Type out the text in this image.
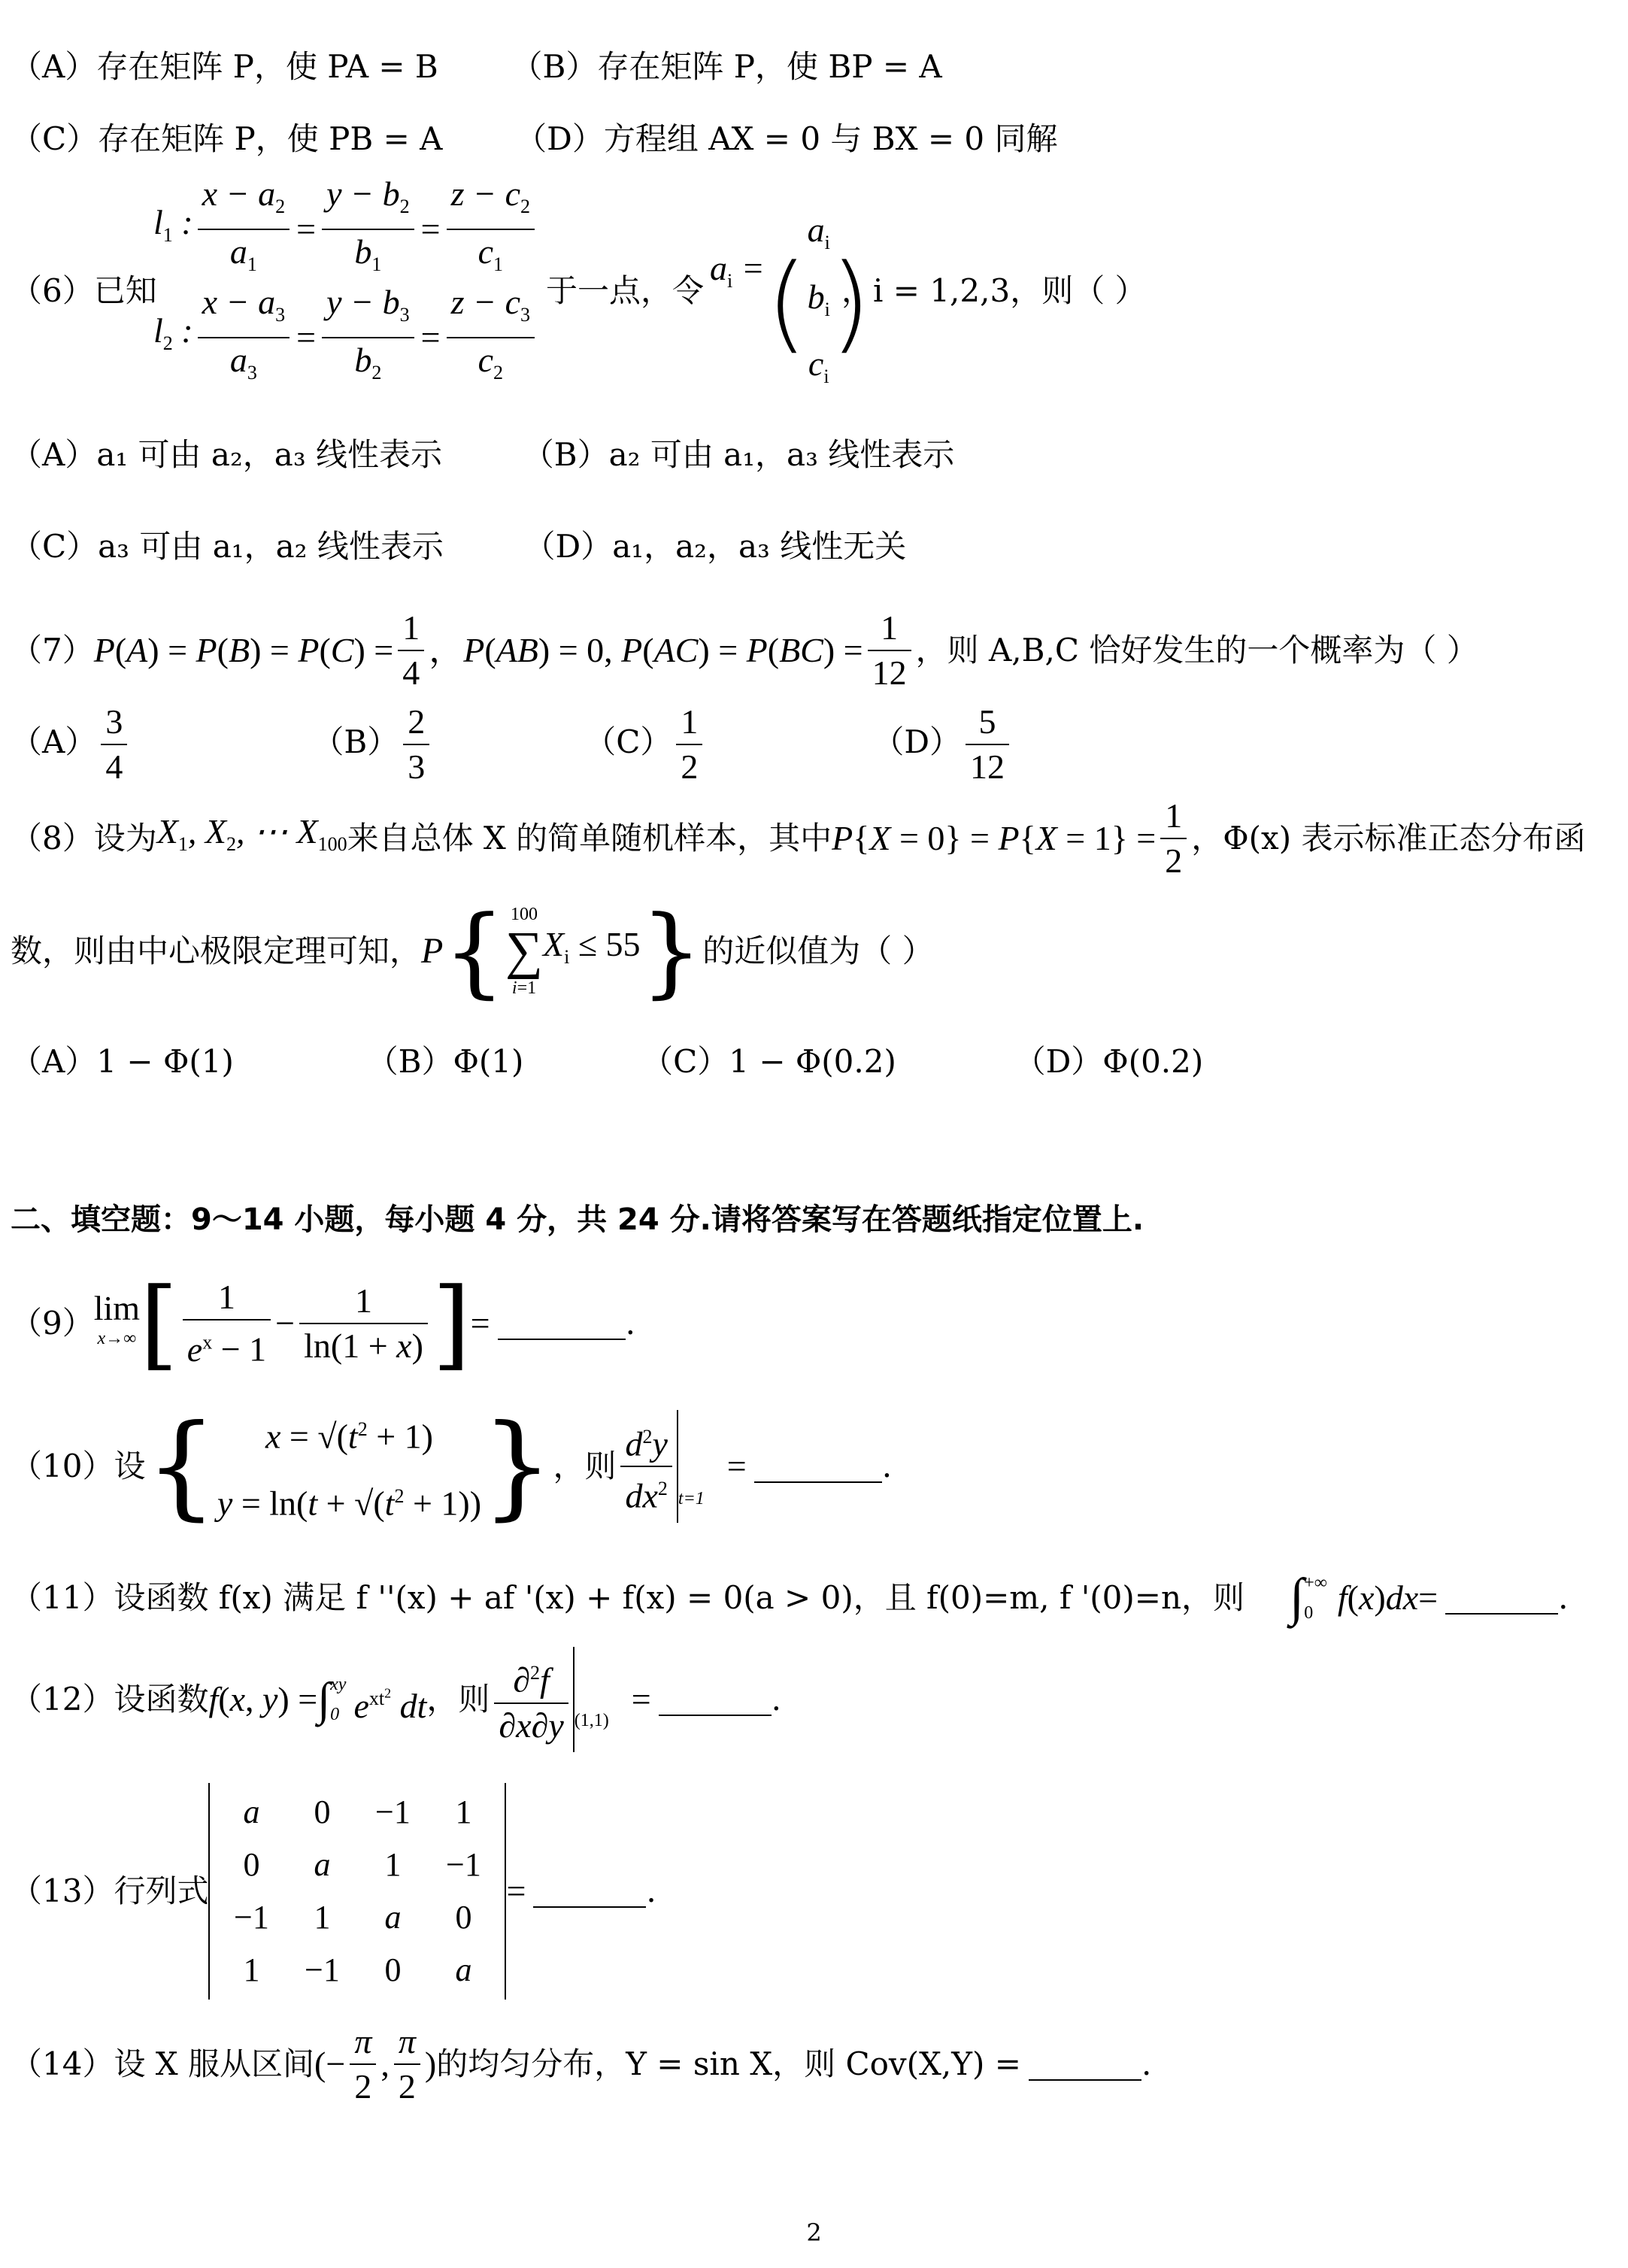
（A）存在矩阵 P，使 PA = B （B）存在矩阵 P，使 BP = A
（C）存在矩阵 P，使 PB = A （D）方程组 AX = 0 与 BX = 0 同解
（6）已知
$l_1$ : $\frac{x - a_2}{a_1} = \frac{y - b_2}{b_1} = \frac{z - c_2}{c_1}$
$l_2$ : $\frac{x - a_3}{a_3} = \frac{y - b_3}{b_2} = \frac{z - c_3}{c_2}$ 于一点，令
$a_i$ = (
$a_i$
$b_i$
$c_i$
)
，i = 1,2,3，则（ ）
（A）a₁ 可由 a₂，a₃ 线性表示	（B）a₂ 可由 a₁，a₃ 线性表示
（C）a₃ 可由 a₁，a₂ 线性表示	（D）a₁，a₂，a₃ 线性无关
（7） $P(A) = P(B) = P(C) = \frac{1}{4}$ ，P(AB) = 0, $P(AC) = P(BC) = \frac{1}{12}$ ，则 A,B,C 恰好发生的一个概率为（ ）
$(A) \frac{3}{4}$	$(B) \frac{2}{3}$	$(C) \frac{1}{2}$	$(D) \frac{5}{12}$
（8）设为 $X_1$, $X_2$, ⋯ $X_{100}$ 来自总体 X 的简单随机样本，其中 $P\{X = 0\} = P\{X = 1\} = \frac{1}{2}$ ，Φ(x) 表示标准正态分布函
数，则由中心极限定理可知， P { 100
∑
i=1
$X_i \le 55$ } 的近似值为（ ）
（A）1 − Φ(1)	（B）Φ(1)	（C）1 − Φ(0.2)	（D）Φ(0.2)
二、填空题：9～14 小题，每小题 4 分，共 24 分.请将答案写在答题纸指定位置上.
（9） lim
x→∞ [ $\frac{1}{e^x - 1} - \frac{1}{\ln(1 + x)}$ ] =	.
（10）设 {	$x = √(t^2 + 1)$
$y = \ln(t + √(t^2 + 1))$ } ，则 $\frac{d^2y}{dx^2} t=1$
=	.
（11）设函数 f(x) 满足 f ''(x) + af '(x) + f(x) = 0(a > 0)，且 f(0)=m, f '(0)=n，则 ∫ +∞
0 f ( x ) dx =	.
（12）设函数 f(x, y) = ∫ xy
0 $e^{xt^2}$ dt ，则 $\frac{\partial^2f}{\partial x\partial y} (1,1)$
=	.
（13）行列式
a	0	−1	1
0	a	1	−1
−1	1	a	0
1	−1	0	a
=	.
（14）设 X 服从区间 (− $\frac{\pi}{2}$ , $\frac{\pi}{2}$ ) 的均匀分布，Y = sin X，则 Cov(X,Y) =	.
2
